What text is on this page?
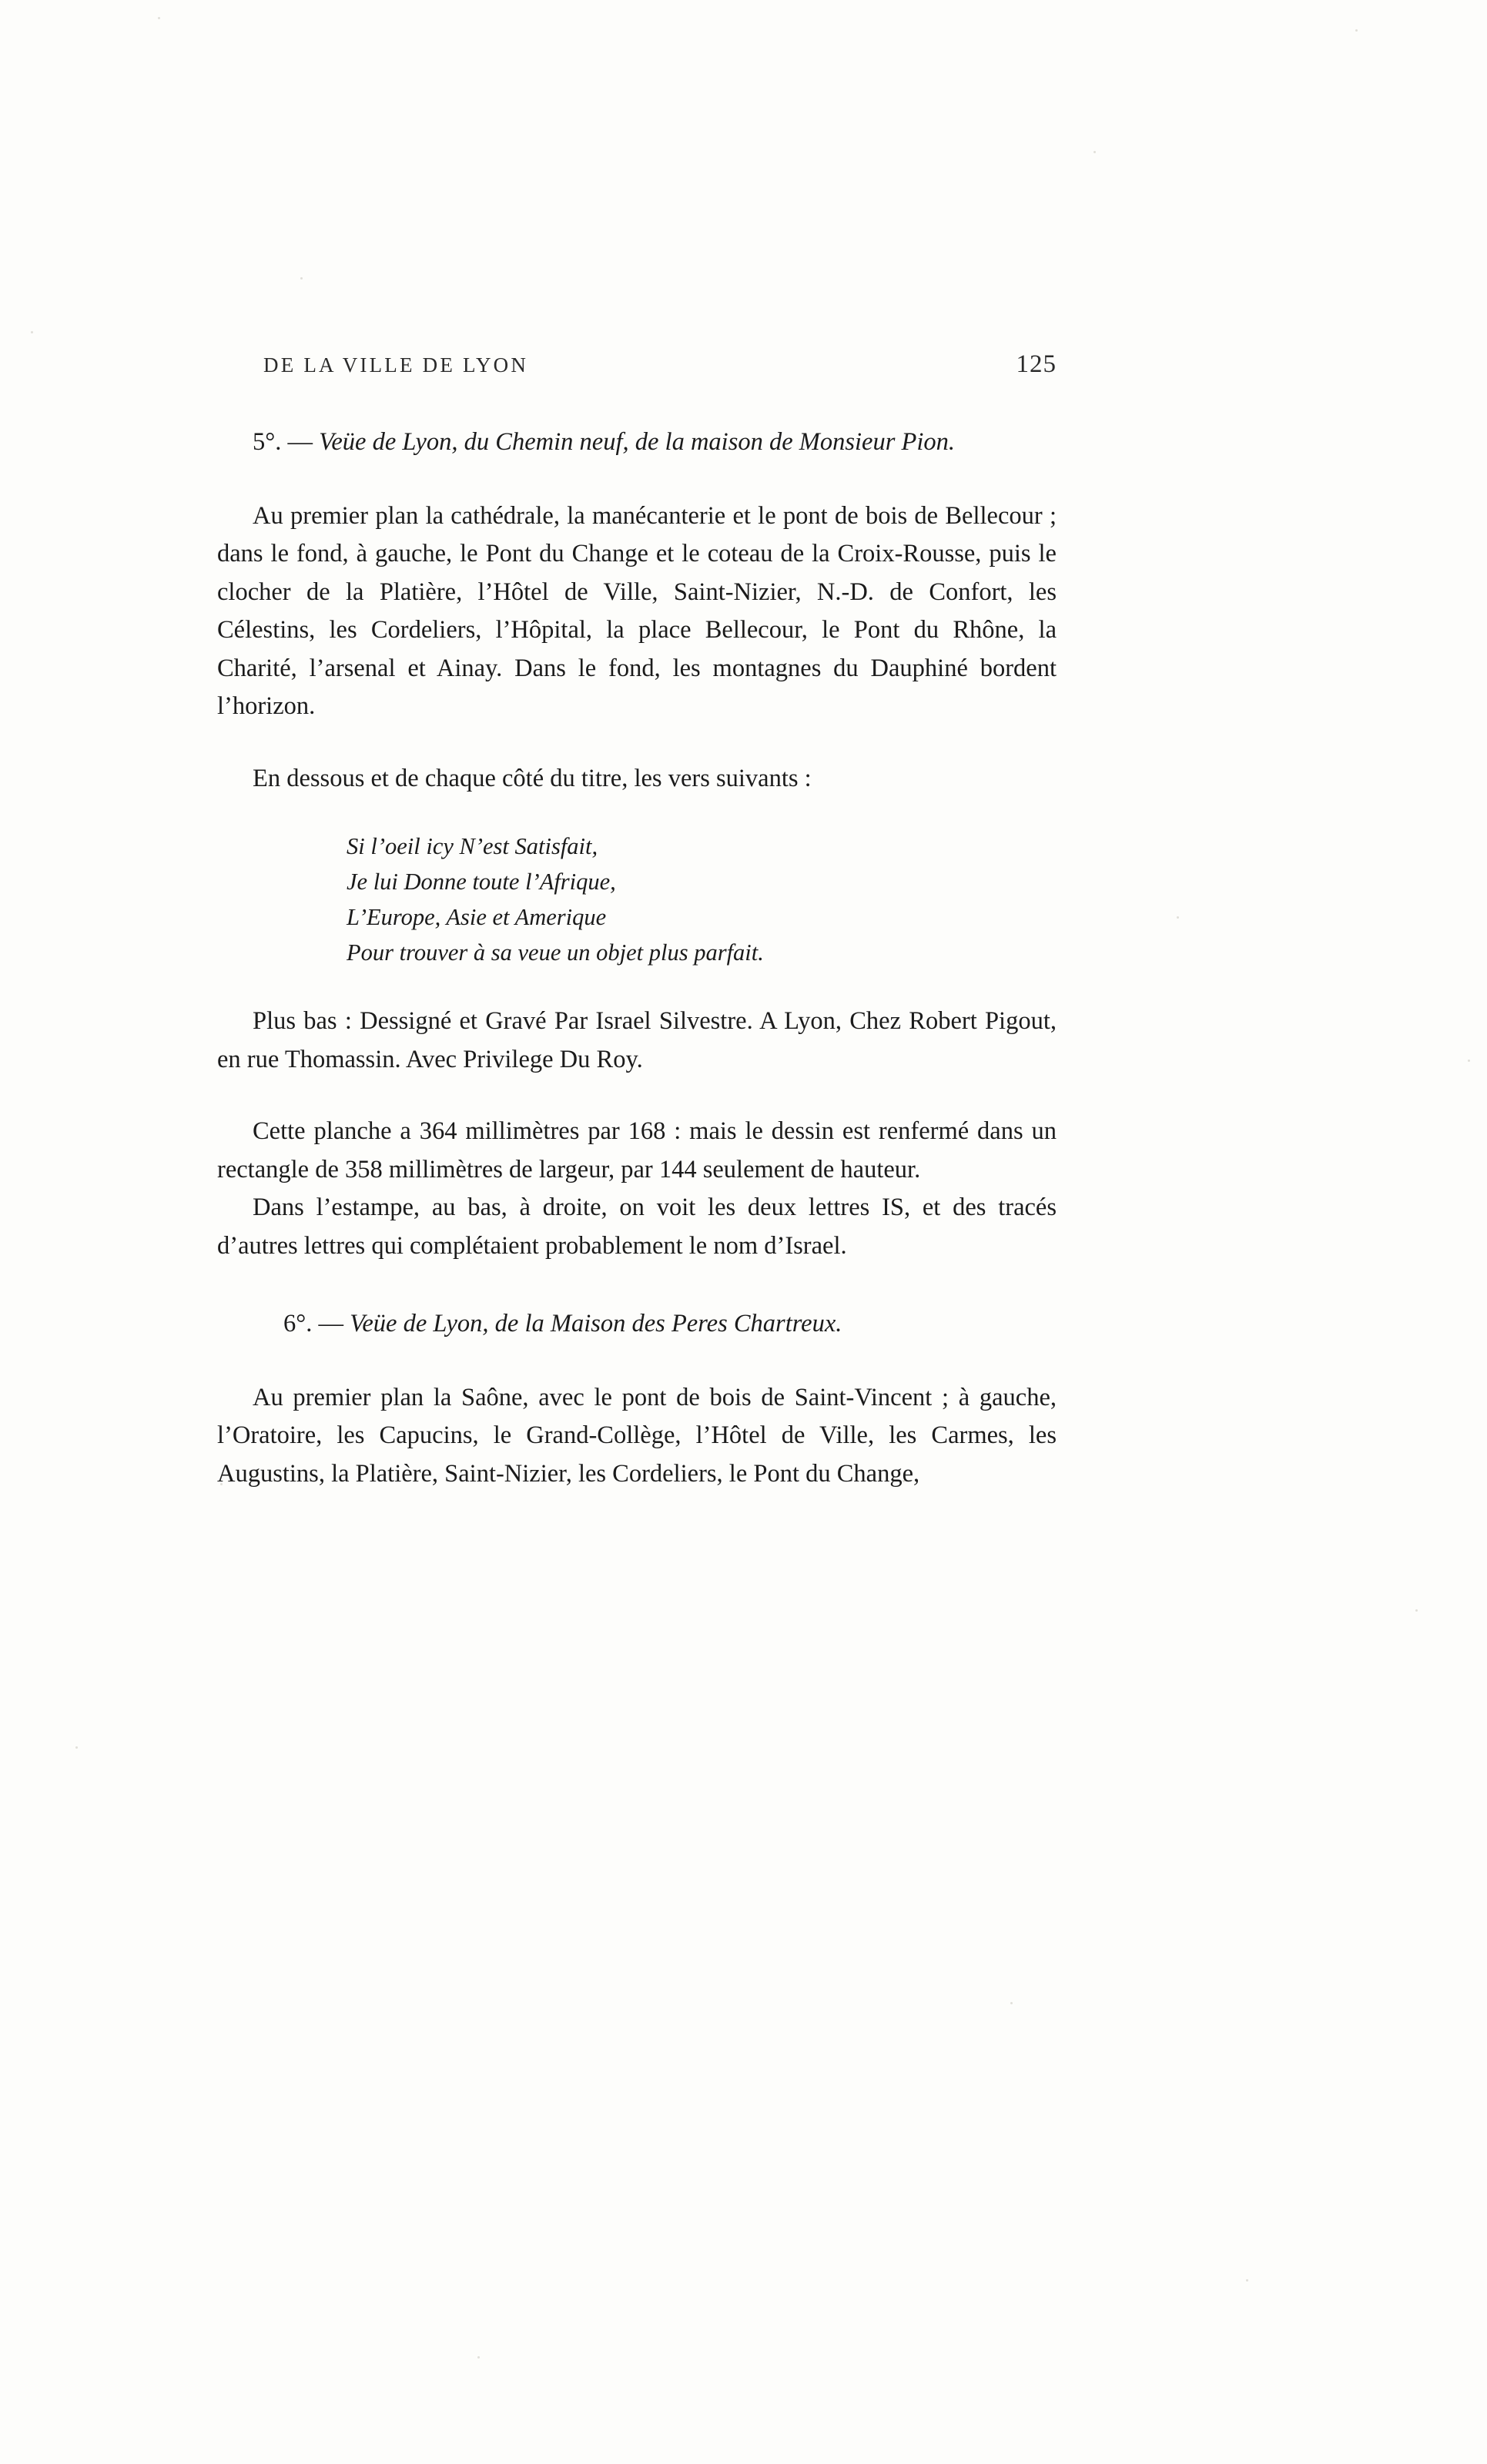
DE LA VILLE DE LYON	125

5°. — Veüe de Lyon, du Chemin neuf, de la maison de Monsieur Pion.

Au premier plan la cathédrale, la manécanterie et le pont de bois de Bellecour ; dans le fond, à gauche, le Pont du Change et le coteau de la Croix-Rousse, puis le clocher de la Platière, l’Hôtel de Ville, Saint-Nizier, N.-D. de Confort, les Célestins, les Cordeliers, l’Hôpital, la place Bellecour, le Pont du Rhône, la Charité, l’arsenal et Ainay. Dans le fond, les montagnes du Dauphiné bordent l’horizon.

En dessous et de chaque côté du titre, les vers suivants :

Si l’oeil icy N’est Satisfait,
Je lui Donne toute l’Afrique,
L’Europe, Asie et Amerique
Pour trouver à sa veue un objet plus parfait.

Plus bas : Dessigné et Gravé Par Israel Silvestre. A Lyon, Chez Robert Pigout, en rue Thomassin. Avec Privilege Du Roy.

Cette planche a 364 millimètres par 168 : mais le dessin est renfermé dans un rectangle de 358 millimètres de largeur, par 144 seulement de hauteur.

Dans l’estampe, au bas, à droite, on voit les deux lettres IS, et des tracés d’autres lettres qui complétaient probablement le nom d’Israel.

6°. — Veüe de Lyon, de la Maison des Peres Chartreux.

Au premier plan la Saône, avec le pont de bois de Saint-Vincent ; à gauche, l’Oratoire, les Capucins, le Grand-Collège, l’Hôtel de Ville, les Carmes, les Augustins, la Platière, Saint-Nizier, les Cordeliers, le Pont du Change,
